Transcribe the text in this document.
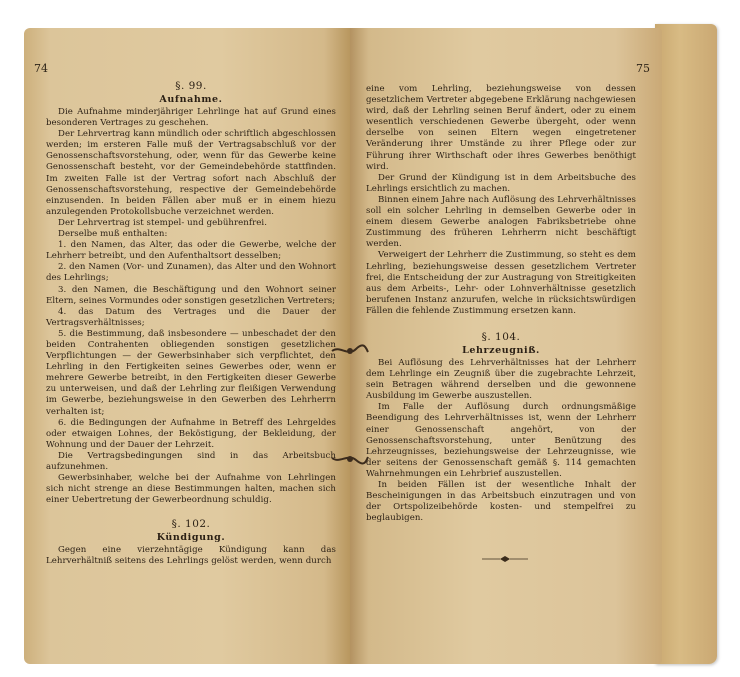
74
§. 99.
Aufnahme.

Die Aufnahme minderjähriger Lehrlinge hat auf Grund eines besonderen Vertrages zu geschehen.

Der Lehrvertrag kann mündlich oder schriftlich abgeschlossen werden; im ersteren Falle muß der Vertragsabschluß vor der Genossenschaftsvorstehung, oder, wenn für das Gewerbe keine Genossenschaft besteht, vor der Gemeindebehörde stattfinden. Im zweiten Falle ist der Vertrag sofort nach Abschluß der Genossenschaftsvorstehung, respective der Gemeindebehörde einzusenden. In beiden Fällen aber muß er in einem hiezu anzulegenden Protokollsbuche verzeichnet werden.

Der Lehrvertrag ist stempel- und gebührenfrei.

Derselbe muß enthalten:

1. den Namen, das Alter, das oder die Gewerbe, welche der Lehrherr betreibt, und den Aufenthaltsort desselben;

2. den Namen (Vor- und Zunamen), das Alter und den Wohnort des Lehrlings;

3. den Namen, die Beschäftigung und den Wohnort seiner Eltern, seines Vormundes oder sonstigen gesetzlichen Vertreters;

4. das Datum des Vertrages und die Dauer der Vertragsverhältnisses;

5. die Bestimmung, daß insbesondere — unbeschadet der den beiden Contrahenten obliegenden sonstigen gesetzlichen Verpflichtungen — der Gewerbsinhaber sich verpflichtet, den Lehrling in den Fertigkeiten seines Gewerbes oder, wenn er mehrere Gewerbe betreibt, in den Fertigkeiten dieser Gewerbe zu unterweisen, und daß der Lehrling zur fleißigen Verwendung im Gewerbe, beziehungsweise in den Gewerben des Lehrherrn verhalten ist;

6. die Bedingungen der Aufnahme in Betreff des Lehrgeldes oder etwaigen Lohnes, der Beköstigung, der Bekleidung, der Wohnung und der Dauer der Lehrzeit.

Die Vertragsbedingungen sind in das Arbeitsbuch aufzunehmen.

Gewerbsinhaber, welche bei der Aufnahme von Lehrlingen sich nicht strenge an diese Bestimmungen halten, machen sich einer Uebertretung der Gewerbeordnung schuldig.

§. 102.
Kündigung.

Gegen eine vierzehntägige Kündigung kann das Lehrverhältniß seitens des Lehrlings gelöst werden, wenn durch

75

eine vom Lehrling, beziehungsweise von dessen gesetzlichem Vertreter abgegebene Erklärung nachgewiesen wird, daß der Lehrling seinen Beruf ändert, oder zu einem wesentlich verschiedenen Gewerbe übergeht, oder wenn derselbe von seinen Eltern wegen eingetretener Veränderung ihrer Umstände zu ihrer Pflege oder zur Führung ihrer Wirthschaft oder ihres Gewerbes benöthigt wird.

Der Grund der Kündigung ist in dem Arbeitsbuche des Lehrlings ersichtlich zu machen.

Binnen einem Jahre nach Auflösung des Lehrverhältnisses soll ein solcher Lehrling in demselben Gewerbe oder in einem diesem Gewerbe analogen Fabriksbetriebe ohne Zustimmung des früheren Lehrherrn nicht beschäftigt werden.

Verweigert der Lehrherr die Zustimmung, so steht es dem Lehrling, beziehungsweise dessen gesetzlichem Vertreter frei, die Entscheidung der zur Austragung von Streitigkeiten aus dem Arbeits-, Lehr- oder Lohnverhältnisse gesetzlich berufenen Instanz anzurufen, welche in rücksichtswürdigen Fällen die fehlende Zustimmung ersetzen kann.

§. 104.
Lehrzeugniß.

Bei Auflösung des Lehrverhältnisses hat der Lehrherr dem Lehrlinge ein Zeugniß über die zugebrachte Lehrzeit, sein Betragen während derselben und die gewonnene Ausbildung im Gewerbe auszustellen.

Im Falle der Auflösung durch ordnungsmäßige Beendigung des Lehrverhältnisses ist, wenn der Lehrherr einer Genossenschaft angehört, von der Genossenschaftsvorstehung, unter Benützung des Lehrzeugnisses, beziehungsweise der Lehrzeugnisse, wie der seitens der Genossenschaft gemäß §. 114 gemachten Wahrnehmungen ein Lehrbrief auszustellen.

In beiden Fällen ist der wesentliche Inhalt der Bescheinigungen in das Arbeitsbuch einzutragen und von der Ortspolizeibehörde kosten- und stempelfrei zu beglaubigen.
